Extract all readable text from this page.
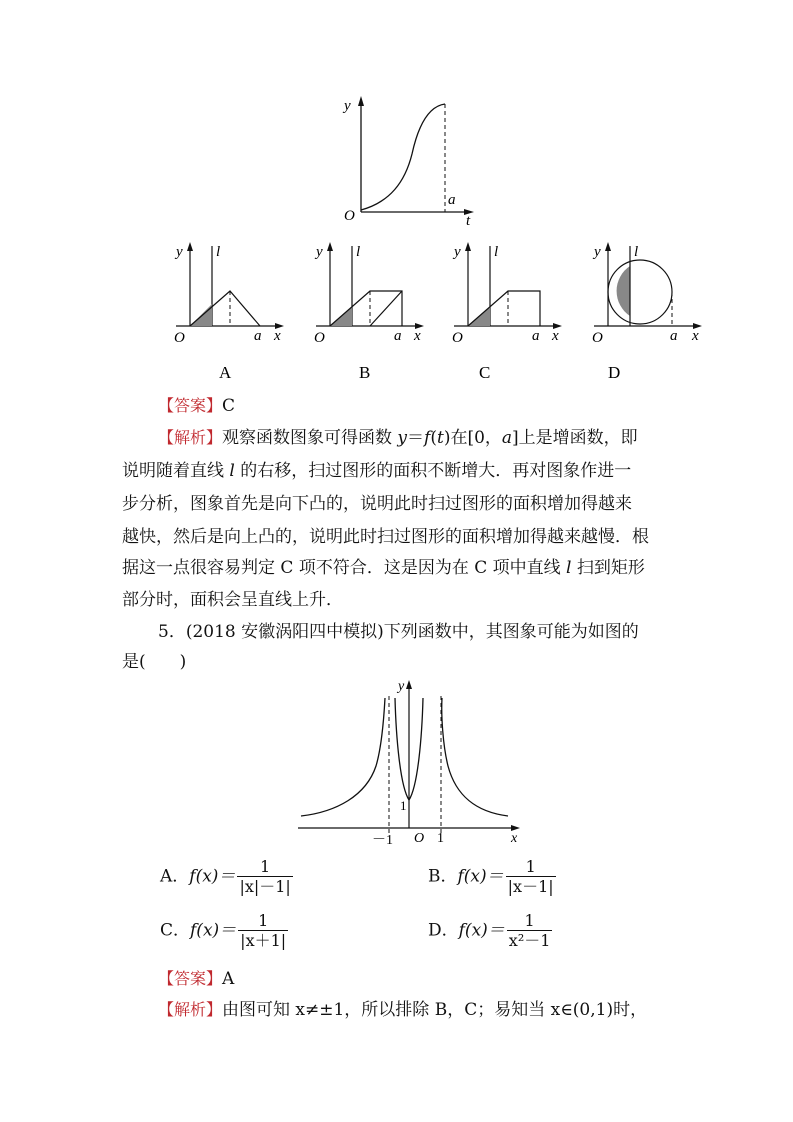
y
t
O
a
y l
O	a x
A
y l
O	a x
B
y l
O	a x
C
y l
O	a x
D
【答案】C
【解析】观察函数图象可得函数 y＝f(t)在[0，a]上是增函数，即
说明随着直线 l 的右移，扫过图形的面积不断增大．再对图象作进一
步分析，图象首先是向下凸的，说明此时扫过图形的面积增加得越来
越快，然后是向上凸的，说明此时扫过图形的面积增加得越来越慢．根
据这一点很容易判定 C 项不符合．这是因为在 C 项中直线 l 扫到矩形
部分时，面积会呈直线上升．
5．(2018 安徽涡阳四中模拟)下列函数中，其图象可能为如图的
是(　　)
y
x
O
－1	1
1
A．$f(x)= \frac{1}{|x|-1|}$	B．$f(x)= \frac{1}{|x-1|}$
C．$f(x)= \frac{1}{|x+1|}$	D．$f(x)= \frac{1}{\text{x²－1}}$
【答案】A
【解析】由图可知 x≠±1，所以排除 B，C；易知当 x∈(0,1)时，
